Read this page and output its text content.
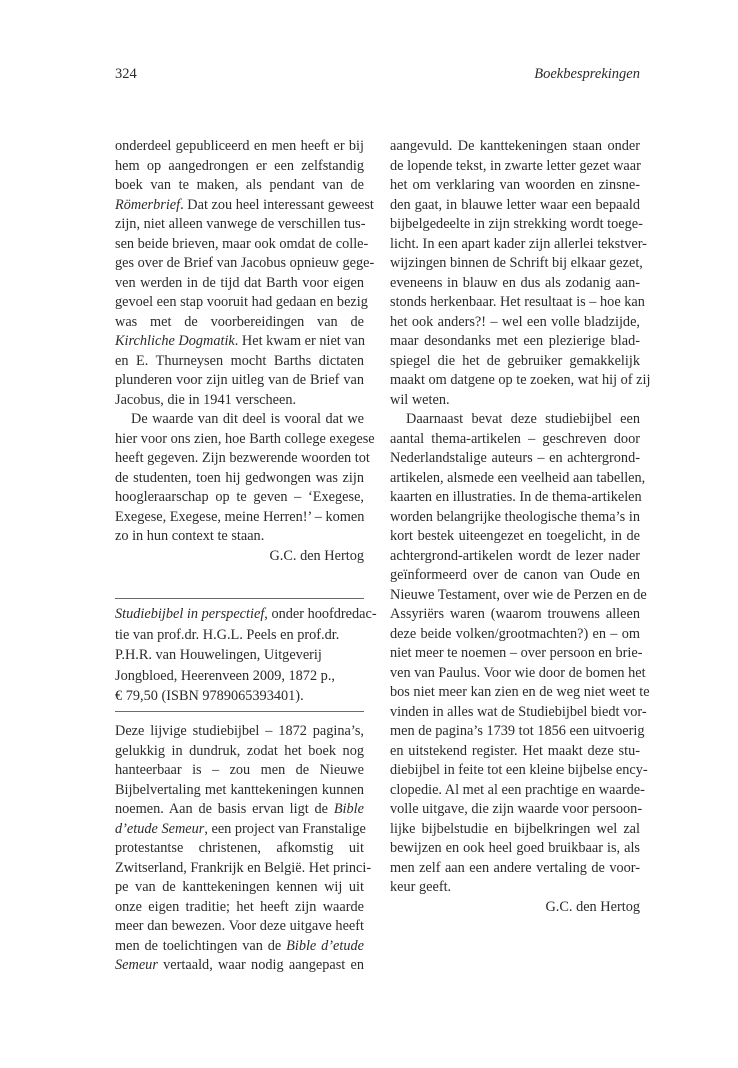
324	Boekbesprekingen
onderdeel gepubliceerd en men heeft er bij
hem op aangedrongen er een zelfstandig
boek van te maken, als pendant van de
Römerbrief. Dat zou heel interessant geweest
zijn, niet alleen vanwege de verschillen tus-
sen beide brieven, maar ook omdat de colle-
ges over de Brief van Jacobus opnieuw gege-
ven werden in de tijd dat Barth voor eigen
gevoel een stap vooruit had gedaan en bezig
was met de voorbereidingen van de
Kirchliche Dogmatik. Het kwam er niet van
en E. Thurneysen mocht Barths dictaten
plunderen voor zijn uitleg van de Brief van
Jacobus, die in 1941 verscheen.
De waarde van dit deel is vooral dat we
hier voor ons zien, hoe Barth college exegese
heeft gegeven. Zijn bezwerende woorden tot
de studenten, toen hij gedwongen was zijn
hoogleraarschap op te geven – ‘Exegese,
Exegese, Exegese, meine Herren!’ – komen
zo in hun context te staan.
G.C. den Hertog
Studiebijbel in perspectief, onder hoofdredac-
tie van prof.dr. H.G.L. Peels en prof.dr.
P.H.R. van Houwelingen, Uitgeverij
Jongbloed, Heerenveen 2009, 1872 p.,
€ 79,50 (ISBN 9789065393401).
Deze lijvige studiebijbel – 1872 pagina’s,
gelukkig in dundruk, zodat het boek nog
hanteerbaar is – zou men de Nieuwe
Bijbelvertaling met kanttekeningen kunnen
noemen. Aan de basis ervan ligt de Bible
d’etude Semeur, een project van Franstalige
protestantse christenen, afkomstig uit
Zwitserland, Frankrijk en België. Het princi-
pe van de kanttekeningen kennen wij uit
onze eigen traditie; het heeft zijn waarde
meer dan bewezen. Voor deze uitgave heeft
men de toelichtingen van de Bible d’etude
Semeur vertaald, waar nodig aangepast en
aangevuld. De kanttekeningen staan onder
de lopende tekst, in zwarte letter gezet waar
het om verklaring van woorden en zinsne-
den gaat, in blauwe letter waar een bepaald
bijbelgedeelte in zijn strekking wordt toege-
licht. In een apart kader zijn allerlei tekstver-
wijzingen binnen de Schrift bij elkaar gezet,
eveneens in blauw en dus als zodanig aan-
stonds herkenbaar. Het resultaat is – hoe kan
het ook anders?! – wel een volle bladzijde,
maar desondanks met een plezierige blad-
spiegel die het de gebruiker gemakkelijk
maakt om datgene op te zoeken, wat hij of zij
wil weten.
Daarnaast bevat deze studiebijbel een
aantal thema-artikelen – geschreven door
Nederlandstalige auteurs – en achtergrond-
artikelen, alsmede een veelheid aan tabellen,
kaarten en illustraties. In de thema-artikelen
worden belangrijke theologische thema’s in
kort bestek uiteengezet en toegelicht, in de
achtergrond-artikelen wordt de lezer nader
geïnformeerd over de canon van Oude en
Nieuwe Testament, over wie de Perzen en de
Assyriërs waren (waarom trouwens alleen
deze beide volken/grootmachten?) en – om
niet meer te noemen – over persoon en brie-
ven van Paulus. Voor wie door de bomen het
bos niet meer kan zien en de weg niet weet te
vinden in alles wat de Studiebijbel biedt vor-
men de pagina’s 1739 tot 1856 een uitvoerig
en uitstekend register. Het maakt deze stu-
diebijbel in feite tot een kleine bijbelse ency-
clopedie. Al met al een prachtige en waarde-
volle uitgave, die zijn waarde voor persoon-
lijke bijbelstudie en bijbelkringen wel zal
bewijzen en ook heel goed bruikbaar is, als
men zelf aan een andere vertaling de voor-
keur geeft.
G.C. den Hertog
